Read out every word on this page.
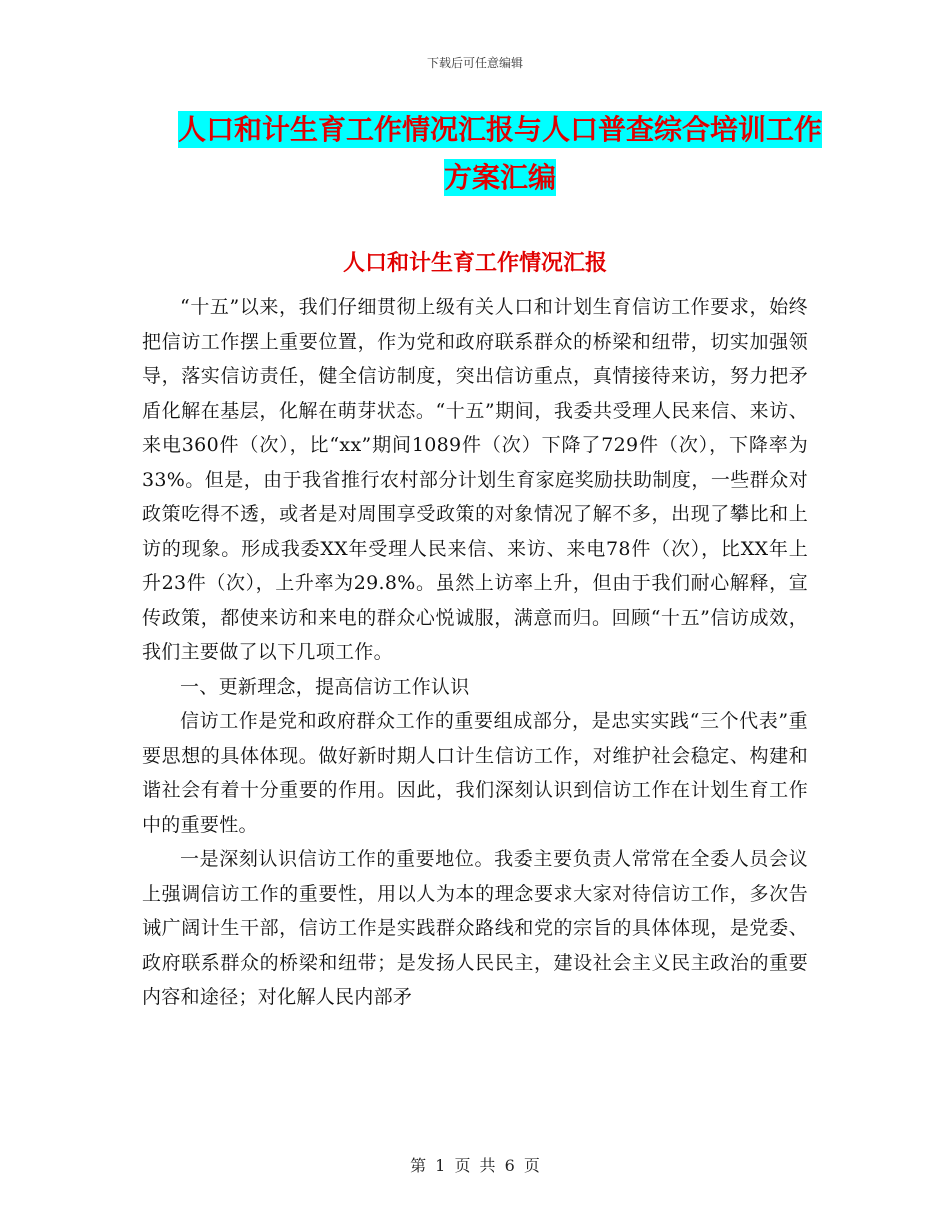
下载后可任意编辑
人口和计生育工作情况汇报与人口普查综合培训工作
方案汇编
人口和计生育工作情况汇报

“十五”以来，我们仔细贯彻上级有关人口和计划生育信访工作要求，始终把信访工作摆上重要位置，作为党和政府联系群众的桥梁和纽带，切实加强领导，落实信访责任，健全信访制度，突出信访重点，真情接待来访，努力把矛盾化解在基层，化解在萌芽状态。“十五”期间，我委共受理人民来信、来访、来电360件（次），比“xx”期间1089件（次）下降了729件（次），下降率为33%。但是，由于我省推行农村部分计划生育家庭奖励扶助制度，一些群众对政策吃得不透，或者是对周围享受政策的对象情况了解不多，出现了攀比和上访的现象。形成我委XX年受理人民来信、来访、来电78件（次），比XX年上升23件（次），上升率为29.8%。虽然上访率上升，但由于我们耐心解释，宣传政策，都使来访和来电的群众心悦诚服，满意而归。回顾“十五”信访成效，我们主要做了以下几项工作。

一、更新理念，提高信访工作认识

信访工作是党和政府群众工作的重要组成部分，是忠实实践“三个代表”重要思想的具体体现。做好新时期人口计生信访工作，对维护社会稳定、构建和谐社会有着十分重要的作用。因此，我们深刻认识到信访工作在计划生育工作中的重要性。

一是深刻认识信访工作的重要地位。我委主要负责人常常在全委人员会议上强调信访工作的重要性，用以人为本的理念要求大家对待信访工作，多次告诫广阔计生干部，信访工作是实践群众路线和党的宗旨的具体体现，是党委、政府联系群众的桥梁和纽带；是发扬人民民主，建设社会主义民主政治的重要内容和途径；对化解人民内部矛

第 1 页 共 6 页
